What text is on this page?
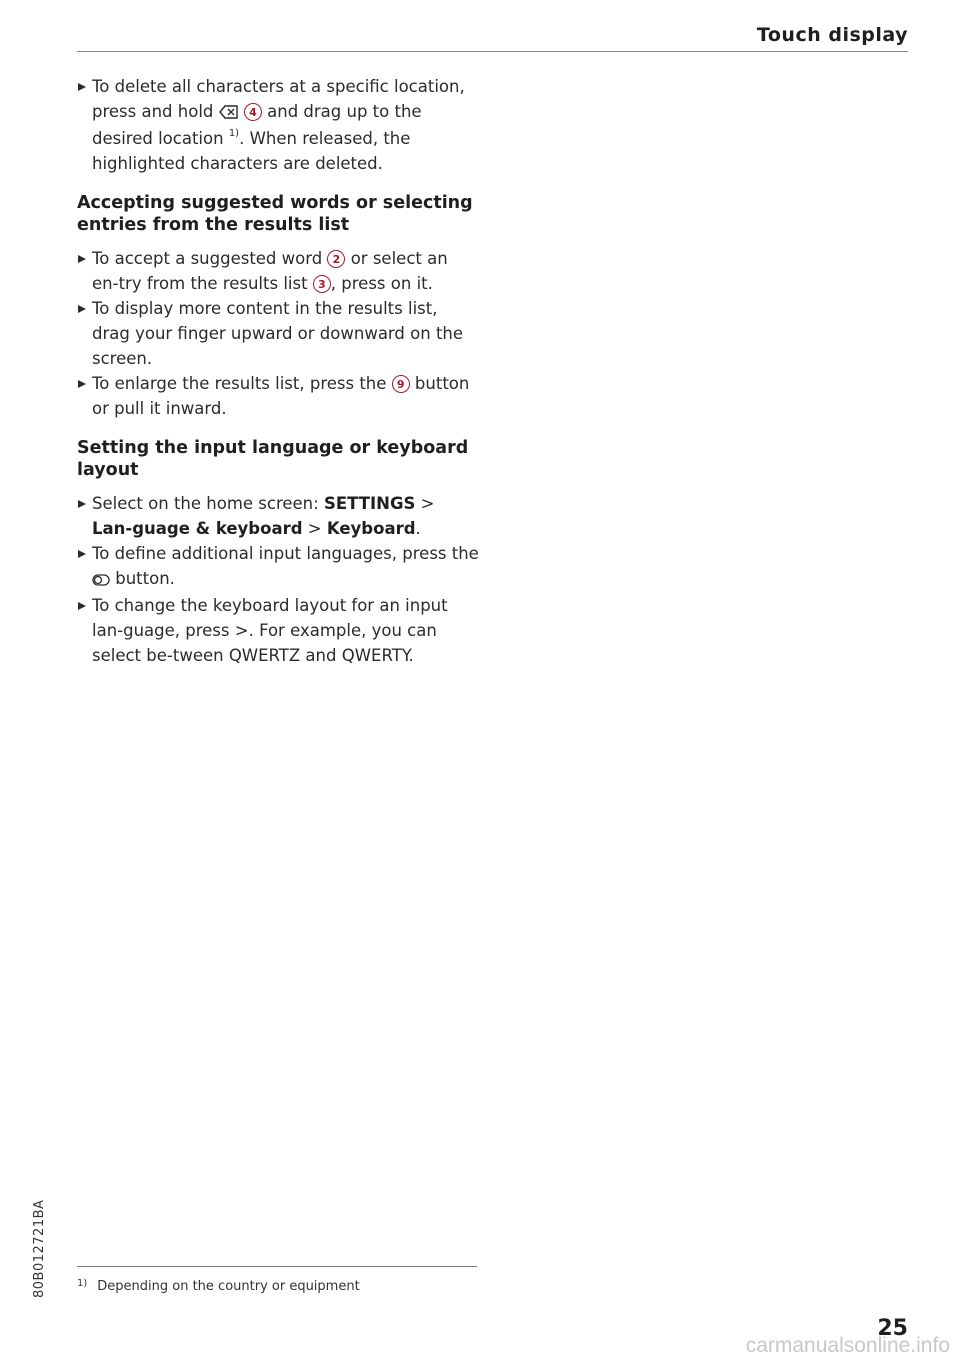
Touch display

To delete all characters at a specific location, press and hold	4 and drag up to the desired location $^{1)}$. When released, the highlighted characters are deleted.

Accepting suggested words or selecting entries from the results list

To accept a suggested word 2 or select an en-try from the results list 3 , press on it.

To display more content in the results list, drag your finger upward or downward on the screen.

To enlarge the results list, press the 9 button or pull it inward.

Setting the input language or keyboard layout

Select on the home screen: SETTINGS > Lan-guage & keyboard > Keyboard.

To define additional input languages, press the  button.

To change the keyboard layout for an input lan-guage, press >. For example, you can select be-tween QWERTZ and QWERTY.

$^{1)}$ Depending on the country or equipment
80B012721BA
25
carmanualsonline.info
